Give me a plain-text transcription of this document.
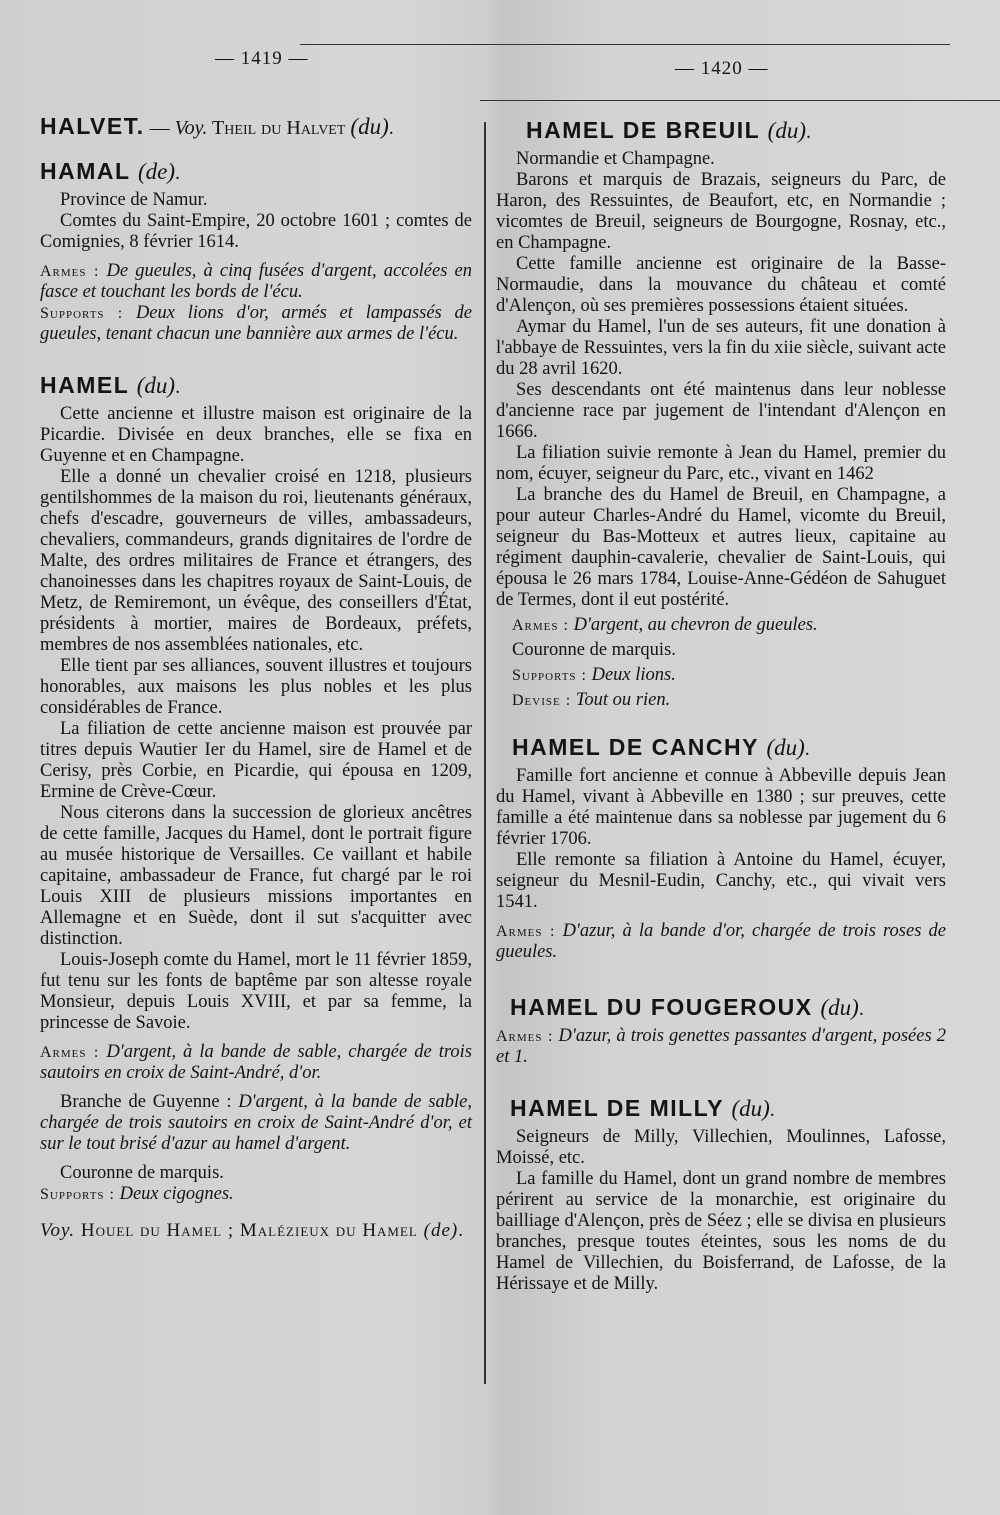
— 1419 —	— 1420 —
HALVET. — Voy. Theil du Halvet (du).
HAMAL (de).

Province de Namur.

Comtes du Saint-Empire, 20 octobre 1601 ; comtes de Comignies, 8 février 1614.

Armes : De gueules, à cinq fusées d'argent, accolées en fasce et touchant les bords de l'écu.

Supports : Deux lions d'or, armés et lampassés de gueules, tenant chacun une bannière aux armes de l'écu.

HAMEL (du).

Cette ancienne et illustre maison est originaire de la Picardie. Divisée en deux branches, elle se fixa en Guyenne et en Champagne.

Elle a donné un chevalier croisé en 1218, plusieurs gentilshommes de la maison du roi, lieutenants généraux, chefs d'escadre, gouverneurs de villes, ambassadeurs, chevaliers, commandeurs, grands dignitaires de l'ordre de Malte, des ordres militaires de France et étrangers, des chanoinesses dans les chapitres royaux de Saint-Louis, de Metz, de Remiremont, un évêque, des conseillers d'État, présidents à mortier, maires de Bordeaux, préfets, membres de nos assemblées nationales, etc.

Elle tient par ses alliances, souvent illustres et toujours honorables, aux maisons les plus nobles et les plus considérables de France.

La filiation de cette ancienne maison est prouvée par titres depuis Wautier Ier du Hamel, sire de Hamel et de Cerisy, près Corbie, en Picardie, qui épousa en 1209, Ermine de Crève-Cœur.

Nous citerons dans la succession de glorieux ancêtres de cette famille, Jacques du Hamel, dont le portrait figure au musée historique de Versailles. Ce vaillant et habile capitaine, ambassadeur de France, fut chargé par le roi Louis XIII de plusieurs missions importantes en Allemagne et en Suède, dont il sut s'acquitter avec distinction.

Louis-Joseph comte du Hamel, mort le 11 février 1859, fut tenu sur les fonts de baptême par son altesse royale Monsieur, depuis Louis XVIII, et par sa femme, la princesse de Savoie.

Armes : D'argent, à la bande de sable, chargée de trois sautoirs en croix de Saint-André, d'or.

Branche de Guyenne : D'argent, à la bande de sable, chargée de trois sautoirs en croix de Saint-André d'or, et sur le tout brisé d'azur au hamel d'argent.

Couronne de marquis.

Supports : Deux cigognes.

Voy. Houel du Hamel ; Malézieux du Hamel (de).

HAMEL DE BREUIL (du).

Normandie et Champagne.

Barons et marquis de Brazais, seigneurs du Parc, de Haron, des Ressuintes, de Beaufort, etc, en Normandie ; vicomtes de Breuil, seigneurs de Bourgogne, Rosnay, etc., en Champagne.

Cette famille ancienne est originaire de la Basse-Normaudie, dans la mouvance du château et comté d'Alençon, où ses premières possessions étaient situées.

Aymar du Hamel, l'un de ses auteurs, fit une donation à l'abbaye de Ressuintes, vers la fin du xiie siècle, suivant acte du 28 avril 1620.

Ses descendants ont été maintenus dans leur noblesse d'ancienne race par jugement de l'intendant d'Alençon en 1666.

La filiation suivie remonte à Jean du Hamel, premier du nom, écuyer, seigneur du Parc, etc., vivant en 1462

La branche des du Hamel de Breuil, en Champagne, a pour auteur Charles-André du Hamel, vicomte du Breuil, seigneur du Bas-Motteux et autres lieux, capitaine au régiment dauphin-cavalerie, chevalier de Saint-Louis, qui épousa le 26 mars 1784, Louise-Anne-Gédéon de Sahuguet de Termes, dont il eut postérité.

Armes : D'argent, au chevron de gueules.

Couronne de marquis.

Supports : Deux lions.

Devise : Tout ou rien.

HAMEL DE CANCHY (du).

Famille fort ancienne et connue à Abbeville depuis Jean du Hamel, vivant à Abbeville en 1380 ; sur preuves, cette famille a été maintenue dans sa noblesse par jugement du 6 février 1706.

Elle remonte sa filiation à Antoine du Hamel, écuyer, seigneur du Mesnil-Eudin, Canchy, etc., qui vivait vers 1541.

Armes : D'azur, à la bande d'or, chargée de trois roses de gueules.

HAMEL DU FOUGEROUX (du).

Armes : D'azur, à trois genettes passantes d'argent, posées 2 et 1.

HAMEL DE MILLY (du).

Seigneurs de Milly, Villechien, Moulinnes, Lafosse, Moissé, etc.

La famille du Hamel, dont un grand nombre de membres périrent au service de la monarchie, est originaire du bailliage d'Alençon, près de Séez ; elle se divisa en plusieurs branches, presque toutes éteintes, sous les noms de du Hamel de Villechien, du Boisferrand, de Lafosse, de la Hérissaye et de Milly.
